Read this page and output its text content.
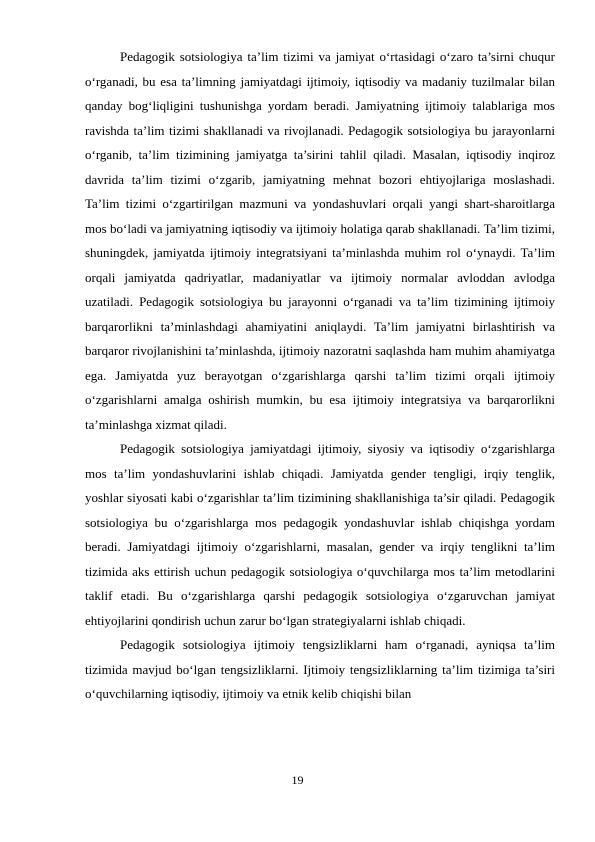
Pedagogik sotsiologiya ta’lim tizimi va jamiyat o‘rtasidagi o‘zaro ta’sirni chuqur o‘rganadi, bu esa ta’limning jamiyatdagi ijtimoiy, iqtisodiy va madaniy tuzilmalar bilan qanday bog‘liqligini tushunishga yordam beradi. Jamiyatning ijtimoiy talablariga mos ravishda ta’lim tizimi shakllanadi va rivojlanadi. Pedagogik sotsiologiya bu jarayonlarni o‘rganib, ta’lim tizimining jamiyatga ta’sirini tahlil qiladi. Masalan, iqtisodiy inqiroz davrida ta’lim tizimi o‘zgarib, jamiyatning mehnat bozori ehtiyojlariga moslashadi. Ta’lim tizimi o‘zgartirilgan mazmuni va yondashuvlari orqali yangi shart-sharoitlarga mos bo‘ladi va jamiyatning iqtisodiy va ijtimoiy holatiga qarab shakllanadi. Ta’lim tizimi, shuningdek, jamiyatda ijtimoiy integratsiyani ta’minlashda muhim rol o‘ynaydi. Ta’lim orqali jamiyatda qadriyatlar, madaniyatlar va ijtimoiy normalar avloddan avlodga uzatiladi. Pedagogik sotsiologiya bu jarayonni o‘rganadi va ta’lim tizimining ijtimoiy barqarorlikni ta’minlashdagi ahamiyatini aniqlaydi. Ta’lim jamiyatni birlashtirish va barqaror rivojlanishini ta’minlashda, ijtimoiy nazoratni saqlashda ham muhim ahamiyatga ega. Jamiyatda yuz berayotgan o‘zgarishlarga qarshi ta’lim tizimi orqali ijtimoiy o‘zgarishlarni amalga oshirish mumkin, bu esa ijtimoiy integratsiya va barqarorlikni ta’minlashga xizmat qiladi.

Pedagogik sotsiologiya jamiyatdagi ijtimoiy, siyosiy va iqtisodiy o‘zgarishlarga mos ta’lim yondashuvlarini ishlab chiqadi. Jamiyatda gender tengligi, irqiy tenglik, yoshlar siyosati kabi o‘zgarishlar ta’lim tizimining shakllanishiga ta’sir qiladi. Pedagogik sotsiologiya bu o‘zgarishlarga mos pedagogik yondashuvlar ishlab chiqishga yordam beradi. Jamiyatdagi ijtimoiy o‘zgarishlarni, masalan, gender va irqiy tenglikni ta’lim tizimida aks ettirish uchun pedagogik sotsiologiya o‘quvchilarga mos ta’lim metodlarini taklif etadi. Bu o‘zgarishlarga qarshi pedagogik sotsiologiya o‘zgaruvchan jamiyat ehtiyojlarini qondirish uchun zarur bo‘lgan strategiyalarni ishlab chiqadi.

Pedagogik sotsiologiya ijtimoiy tengsizliklarni ham o‘rganadi, ayniqsa ta’lim tizimida mavjud bo‘lgan tengsizliklarni. Ijtimoiy tengsizliklarning ta’lim tizimiga ta’siri o‘quvchilarning iqtisodiy, ijtimoiy va etnik kelib chiqishi bilan

19
